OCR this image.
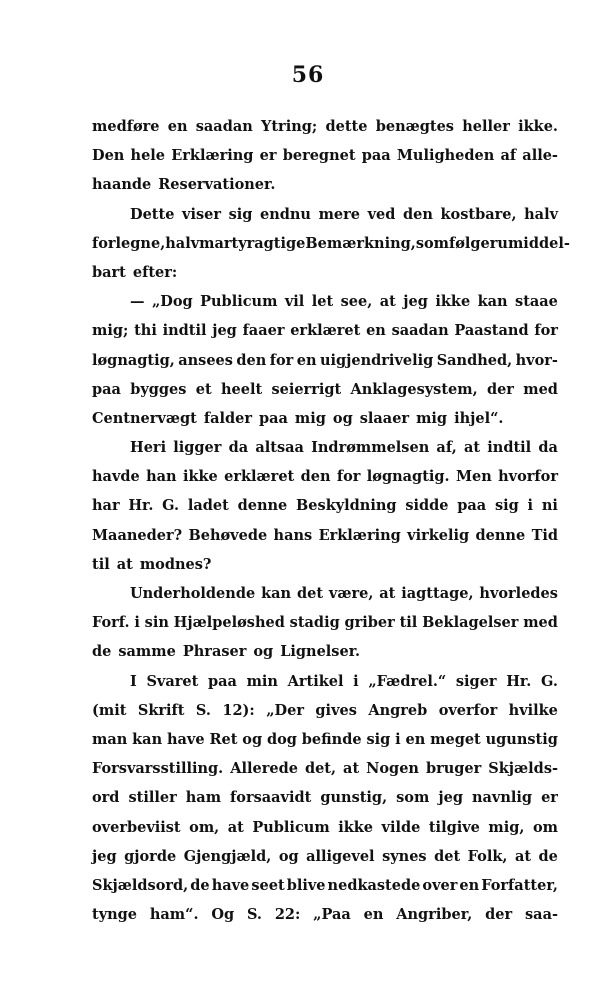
56
medføre en saadan Ytring; dette benægtes heller ikke.
Den hele Erklæring er beregnet paa Muligheden af alle-
haande Reservationer.
Dette viser sig endnu mere ved den kostbare, halv
forlegne, halv martyragtige Bemærkning, som følger umiddel-
bart efter:
— „Dog Publicum vil let see, at jeg ikke kan staae
mig; thi indtil jeg faaer erklæret en saadan Paastand for
løgnagtig, ansees den for en uigjendrivelig Sandhed, hvor-
paa bygges et heelt seierrigt Anklagesystem, der med
Centnervægt falder paa mig og slaaer mig ihjel“.
Heri ligger da altsaa Indrømmelsen af, at indtil da
havde han ikke erklæret den for løgnagtig. Men hvorfor
har Hr. G. ladet denne Beskyldning sidde paa sig i ni
Maaneder? Behøvede hans Erklæring virkelig denne Tid
til at modnes?
Underholdende kan det være, at iagttage, hvorledes
Forf. i sin Hjælpeløshed stadig griber til Beklagelser med
de samme Phraser og Lignelser.
I Svaret paa min Artikel i „Fædrel.“ siger Hr. G.
(mit Skrift S. 12): „Der gives Angreb overfor hvilke
man kan have Ret og dog befinde sig i en meget ugunstig
Forsvarsstilling. Allerede det, at Nogen bruger Skjælds-
ord stiller ham forsaavidt gunstig, som jeg navnlig er
overbeviist om, at Publicum ikke vilde tilgive mig, om
jeg gjorde Gjengjæld, og alligevel synes det Folk, at de
Skjældsord, de have seet blive nedkastede over en Forfatter,
tynge ham“. Og S. 22: „Paa en Angriber, der saa-
